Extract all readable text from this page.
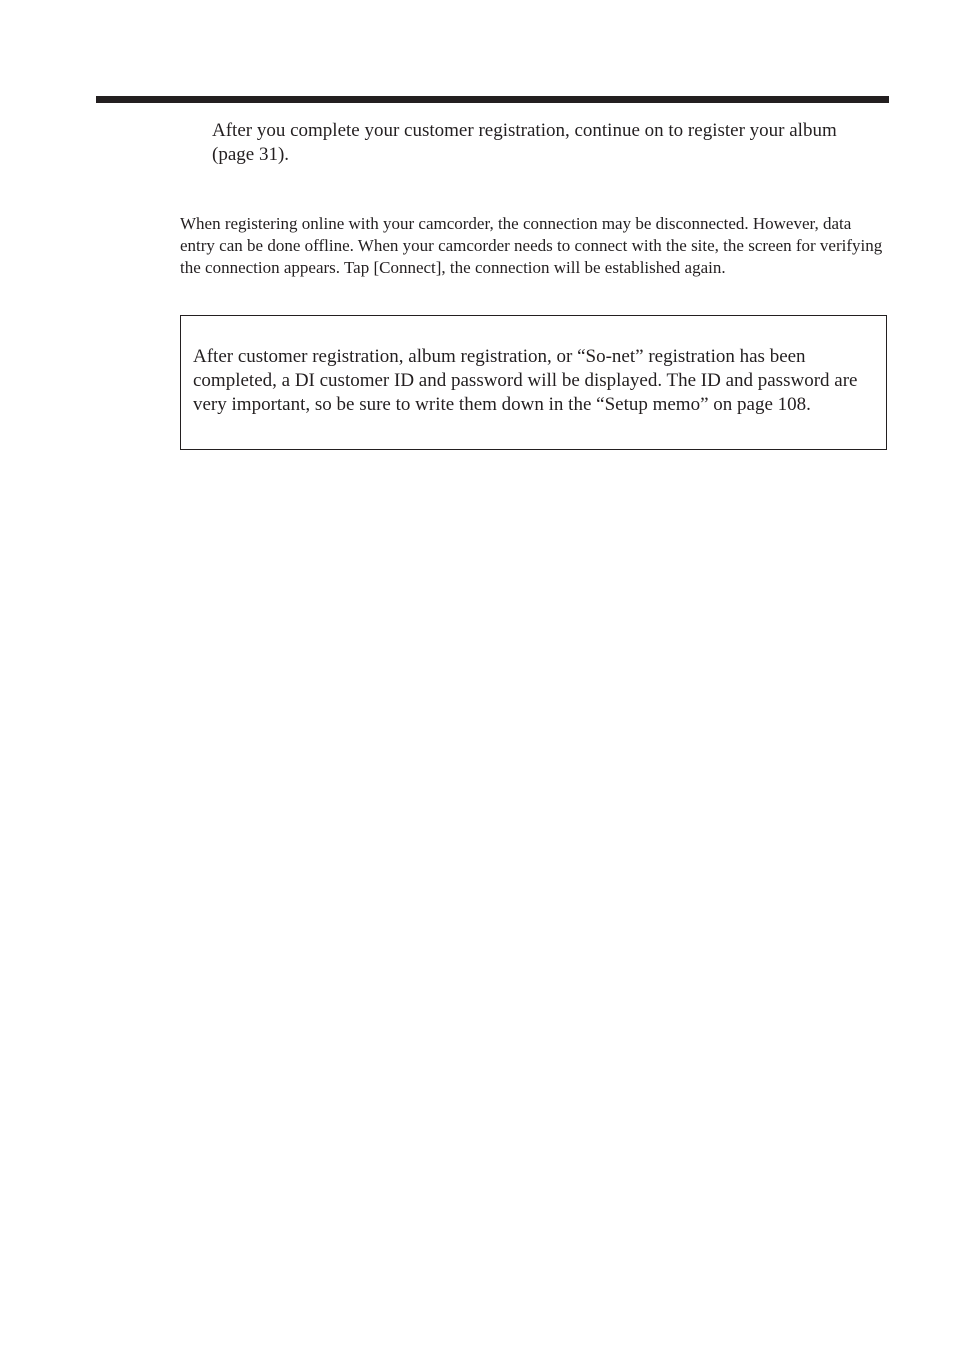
After you complete your customer registration, continue on to register your album (page 31).

When registering online with your camcorder, the connection may be disconnected. However, data entry can be done offline. When your camcorder needs to connect with the site, the screen for verifying the connection appears. Tap [Connect], the connection will be established again.

After customer registration, album registration, or “So-net” registration has been completed, a DI customer ID and password will be displayed. The ID and password are very important, so be sure to write them down in the “Setup memo” on page 108.
